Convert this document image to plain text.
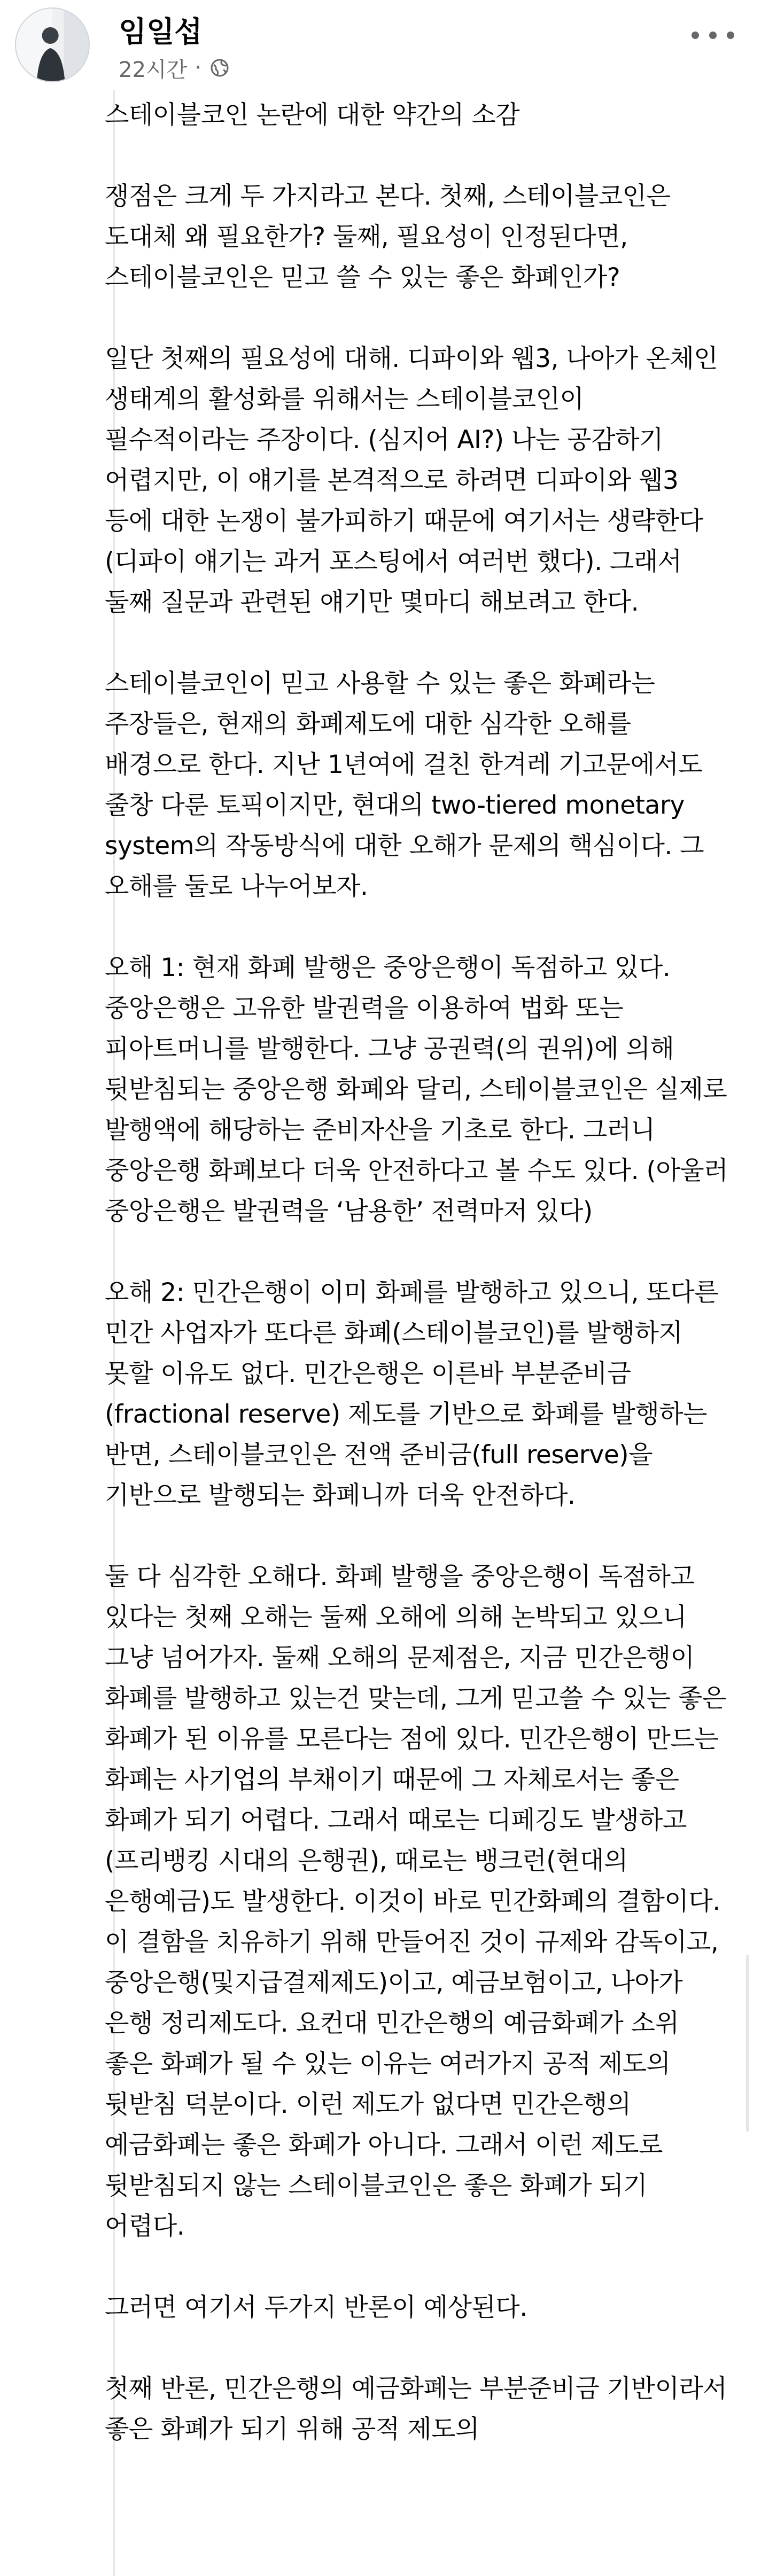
임일섭
22시간 ·

스테이블코인 논란에 대한 약간의 소감

쟁점은 크게 두 가지라고 본다. 첫째, 스테이블코인은 도대체 왜 필요한가? 둘째, 필요성이 인정된다면, 스테이블코인은 믿고 쓸 수 있는 좋은 화폐인가?

일단 첫째의 필요성에 대해. 디파이와 웹3, 나아가 온체인 생태계의 활성화를 위해서는 스테이블코인이 필수적이라는 주장이다. (심지어 AI?) 나는 공감하기 어렵지만, 이 얘기를 본격적으로 하려면 디파이와 웹3 등에 대한 논쟁이 불가피하기 때문에 여기서는 생략한다(디파이 얘기는 과거 포스팅에서 여러번 했다). 그래서 둘째 질문과 관련된 얘기만 몇마디 해보려고 한다.

스테이블코인이 믿고 사용할 수 있는 좋은 화폐라는 주장들은, 현재의 화폐제도에 대한 심각한 오해를 배경으로 한다. 지난 1년여에 걸친 한겨레 기고문에서도 줄창 다룬 토픽이지만, 현대의 two-tiered monetary system의 작동방식에 대한 오해가 문제의 핵심이다. 그 오해를 둘로 나누어보자.

오해 1: 현재 화폐 발행은 중앙은행이 독점하고 있다. 중앙은행은 고유한 발권력을 이용하여 법화 또는 피아트머니를 발행한다. 그냥 공권력(의 권위)에 의해 뒷받침되는 중앙은행 화폐와 달리, 스테이블코인은 실제로 발행액에 해당하는 준비자산을 기초로 한다. 그러니 중앙은행 화폐보다 더욱 안전하다고 볼 수도 있다. (아울러 중앙은행은 발권력을 ‘남용한’ 전력마저 있다)

오해 2: 민간은행이 이미 화폐를 발행하고 있으니, 또다른 민간 사업자가 또다른 화폐(스테이블코인)를 발행하지 못할 이유도 없다. 민간은행은 이른바 부분준비금(fractional reserve) 제도를 기반으로 화폐를 발행하는 반면, 스테이블코인은 전액 준비금(full reserve)을 기반으로 발행되는 화폐니까 더욱 안전하다.

둘 다 심각한 오해다. 화폐 발행을 중앙은행이 독점하고 있다는 첫째 오해는 둘째 오해에 의해 논박되고 있으니 그냥 넘어가자. 둘째 오해의 문제점은, 지금 민간은행이 화폐를 발행하고 있는건 맞는데, 그게 믿고쓸 수 있는 좋은 화폐가 된 이유를 모른다는 점에 있다. 민간은행이 만드는 화폐는 사기업의 부채이기 때문에 그 자체로서는 좋은 화폐가 되기 어렵다. 그래서 때로는 디페깅도 발생하고(프리뱅킹 시대의 은행권), 때로는 뱅크런(현대의 은행예금)도 발생한다. 이것이 바로 민간화폐의 결함이다. 이 결함을 치유하기 위해 만들어진 것이 규제와 감독이고, 중앙은행(및지급결제제도)이고, 예금보험이고, 나아가 은행 정리제도다. 요컨대 민간은행의 예금화폐가 소위 좋은 화폐가 될 수 있는 이유는 여러가지 공적 제도의 뒷받침 덕분이다. 이런 제도가 없다면 민간은행의 예금화폐는 좋은 화폐가 아니다. 그래서 이런 제도로 뒷받침되지 않는 스테이블코인은 좋은 화폐가 되기 어렵다.

그러면 여기서 두가지 반론이 예상된다.

첫째 반론, 민간은행의 예금화폐는 부분준비금 기반이라서 좋은 화폐가 되기 위해 공적 제도의
